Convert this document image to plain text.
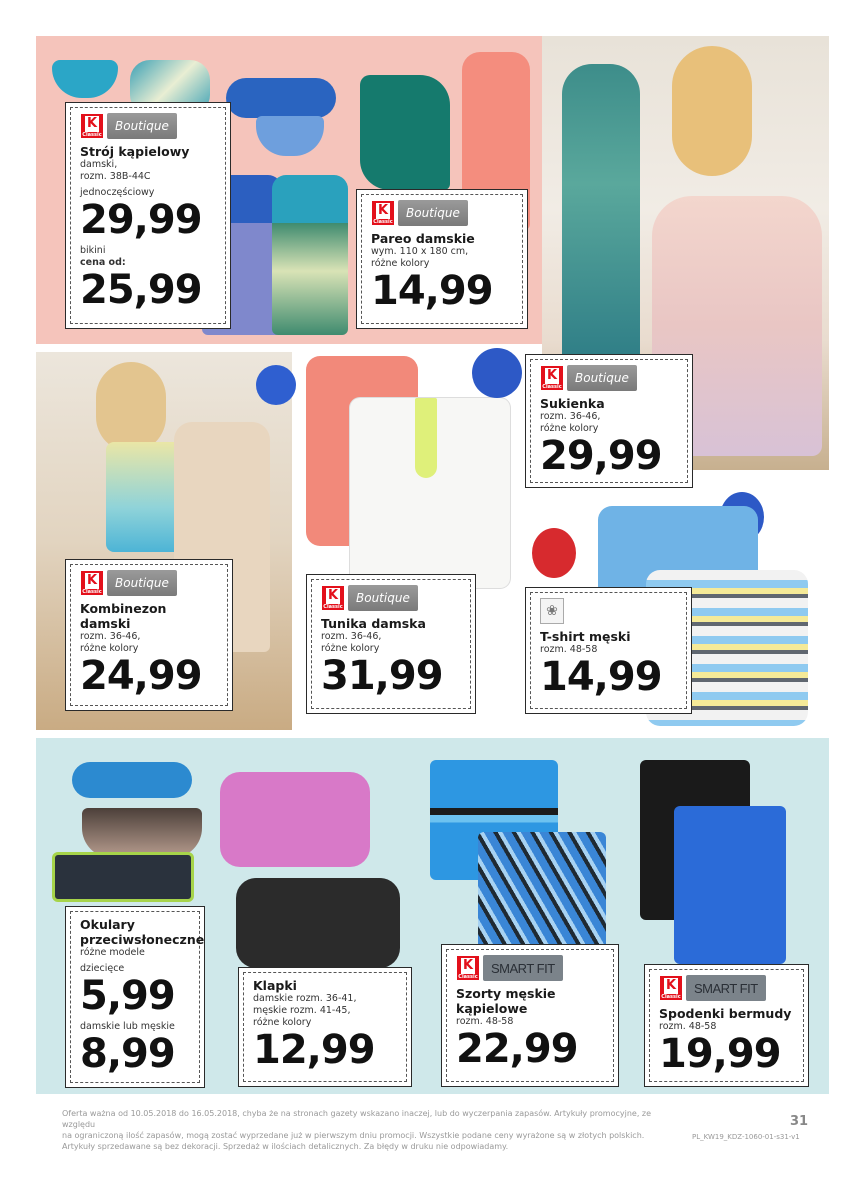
K
Classic
Boutique
Strój kąpielowy
damski,
rozm. 38B-44C
jednoczęściowy
29,99
bikini
cena od:
25,99
K
Classic
Boutique
Pareo damskie
wym. 110 x 180 cm,
różne kolory
14,99
K
Classic
Boutique
Sukienka
rozm. 36-46,
różne kolory
29,99
K
Classic
Boutique
Kombinezon damski
rozm. 36-46,
różne kolory
24,99
K
Classic
Boutique
Tunika damska
rozm. 36-46,
różne kolory
31,99
❀
T-shirt męski
rozm. 48-58
14,99
Okulary przeciwsłoneczne
różne modele
dziecięce
5,99
damskie lub męskie
8,99
Klapki
damskie rozm. 36-41,
męskie rozm. 41-45,
różne kolory
12,99
K
Classic
SMART FIT
Szorty męskie kąpielowe
rozm. 48-58
22,99
K
Classic
SMART FIT
Spodenki bermudy
rozm. 48-58
19,99
Oferta ważna od 10.05.2018 do 16.05.2018, chyba że na stronach gazety wskazano inaczej, lub do wyczerpania zapasów. Artykuły promocyjne, ze względu
na ograniczoną ilość zapasów, mogą zostać wyprzedane już w pierwszym dniu promocji. Wszystkie podane ceny wyrażone są w złotych polskich.
Artykuły sprzedawane są bez dekoracji. Sprzedaż w ilościach detalicznych. Za błędy w druku nie odpowiadamy.
31
PL_KW19_KDZ-1060-01-s31-v1
